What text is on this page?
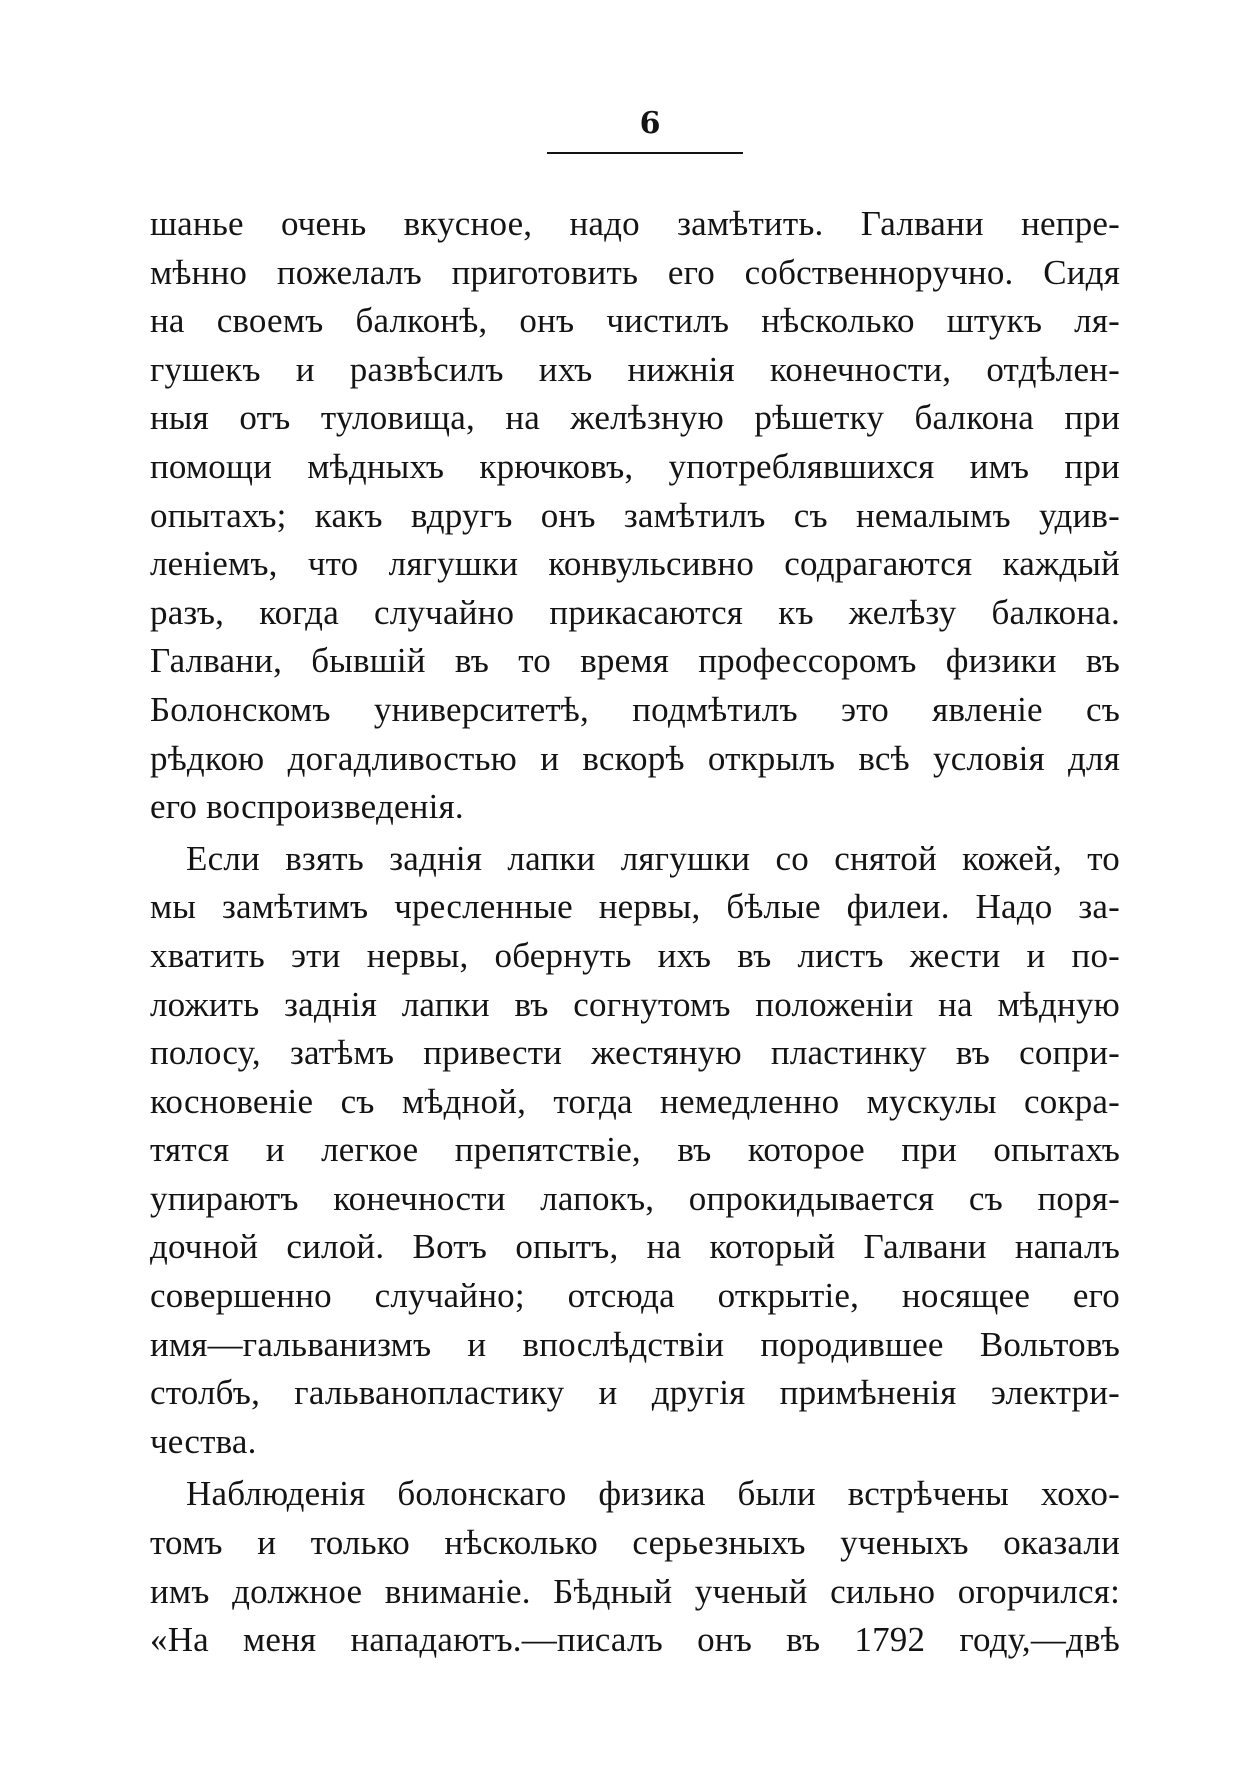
6
шанье очень вкусное, надо замѣтить. Галвани непре-
мѣнно пожелалъ приготовить его собственноручно. Сидя
на своемъ балконѣ, онъ чистилъ нѣсколько штукъ ля-
гушекъ и развѣсилъ ихъ нижнія конечности, отдѣлен-
ныя отъ туловища, на желѣзную рѣшетку балкона при
помощи мѣдныхъ крючковъ, употреблявшихся имъ при
опытахъ; какъ вдругъ онъ замѣтилъ съ немалымъ удив-
леніемъ, что лягушки конвульсивно содрагаются каждый
разъ, когда случайно прикасаются къ желѣзу балкона.
Галвани, бывшій въ то время профессоромъ физики въ
Болонскомъ университетѣ, подмѣтилъ это явленіе съ
рѣдкою догадливостью и вскорѣ открылъ всѣ условія для
его воспроизведенія.
Если взять заднія лапки лягушки со снятой кожей, то
мы замѣтимъ чресленные нервы, бѣлые филеи. Надо за-
хватить эти нервы, обернуть ихъ въ листъ жести и по-
ложить заднія лапки въ согнутомъ положеніи на мѣдную
полосу, затѣмъ привести жестяную пластинку въ сопри-
косновеніе съ мѣдной, тогда немедленно мускулы сокра-
тятся и легкое препятствіе, въ которое при опытахъ
упираютъ конечности лапокъ, опрокидывается съ поря-
дочной силой. Вотъ опытъ, на который Галвани напалъ
совершенно случайно; отсюда открытіе, носящее его
имя—гальванизмъ и впослѣдствіи породившее Вольтовъ
столбъ, гальванопластику и другія примѣненія электри-
чества.
Наблюденія болонскаго физика были встрѣчены хохо-
томъ и только нѣсколько серьезныхъ ученыхъ оказали
имъ должное вниманіе. Бѣдный ученый сильно огорчился:
«На меня нападаютъ.—писалъ онъ въ 1792 году,—двѣ
